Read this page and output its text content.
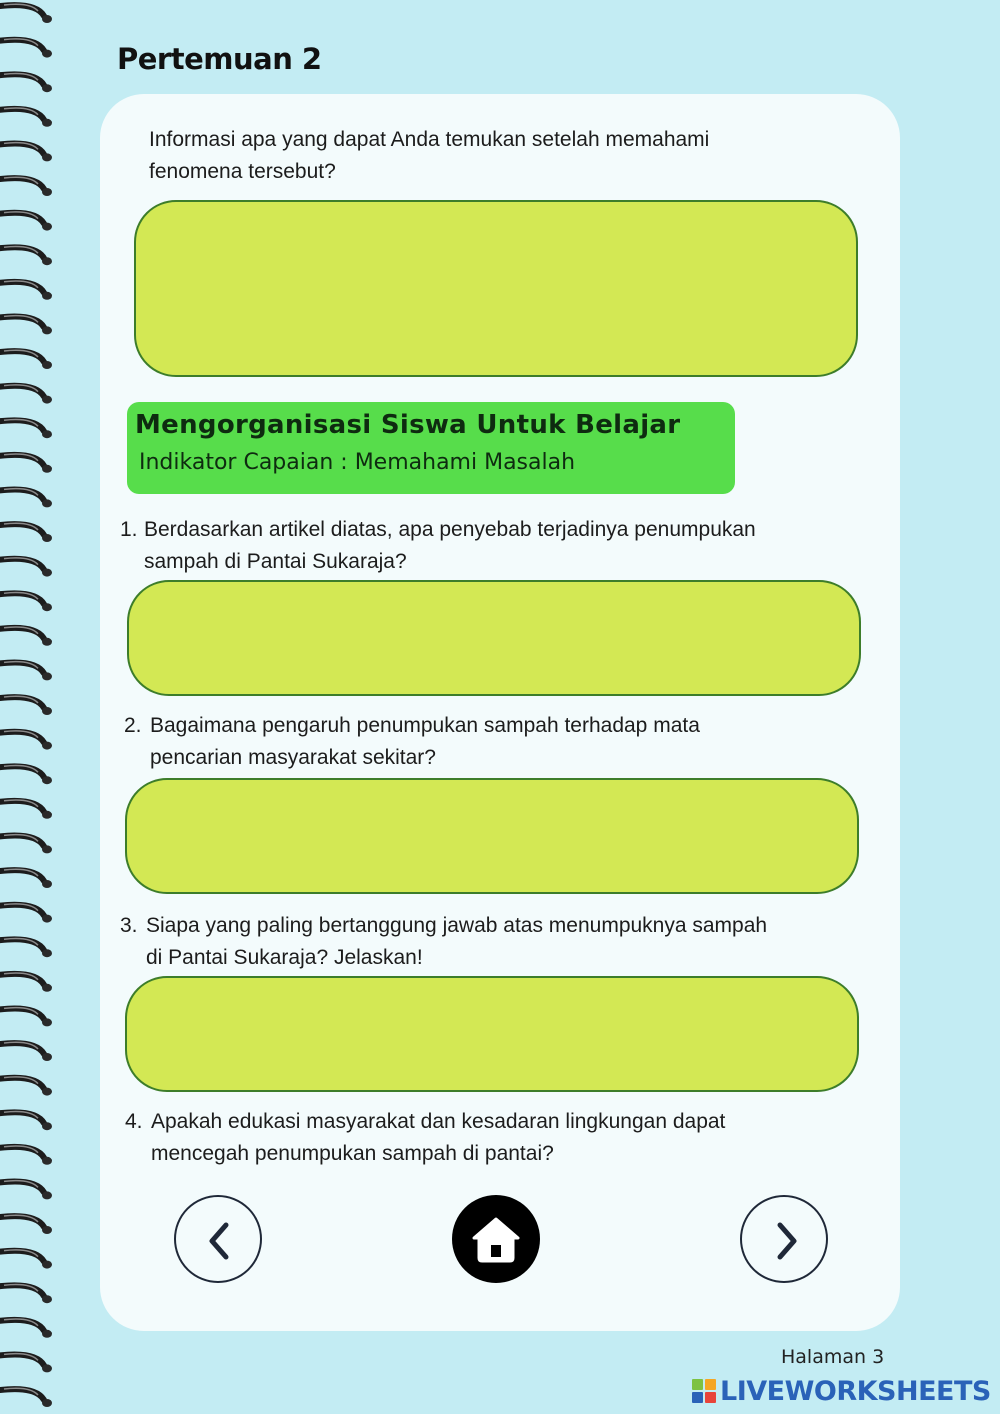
Pertemuan 2
Informasi apa yang dapat Anda temukan setelah memahami
fenomena tersebut?
Mengorganisasi Siswa Untuk Belajar
Indikator Capaian : Memahami Masalah
1. Berdasarkan artikel diatas, apa penyebab terjadinya penumpukan
sampah di Pantai Sukaraja?
2. Bagaimana pengaruh penumpukan sampah terhadap mata
pencarian masyarakat sekitar?
3. Siapa yang paling bertanggung jawab atas menumpuknya sampah
di Pantai Sukaraja? Jelaskan!
4. Apakah edukasi masyarakat dan kesadaran lingkungan dapat
mencegah penumpukan sampah di pantai?
Halaman 3
LIVEWORKSHEETS
